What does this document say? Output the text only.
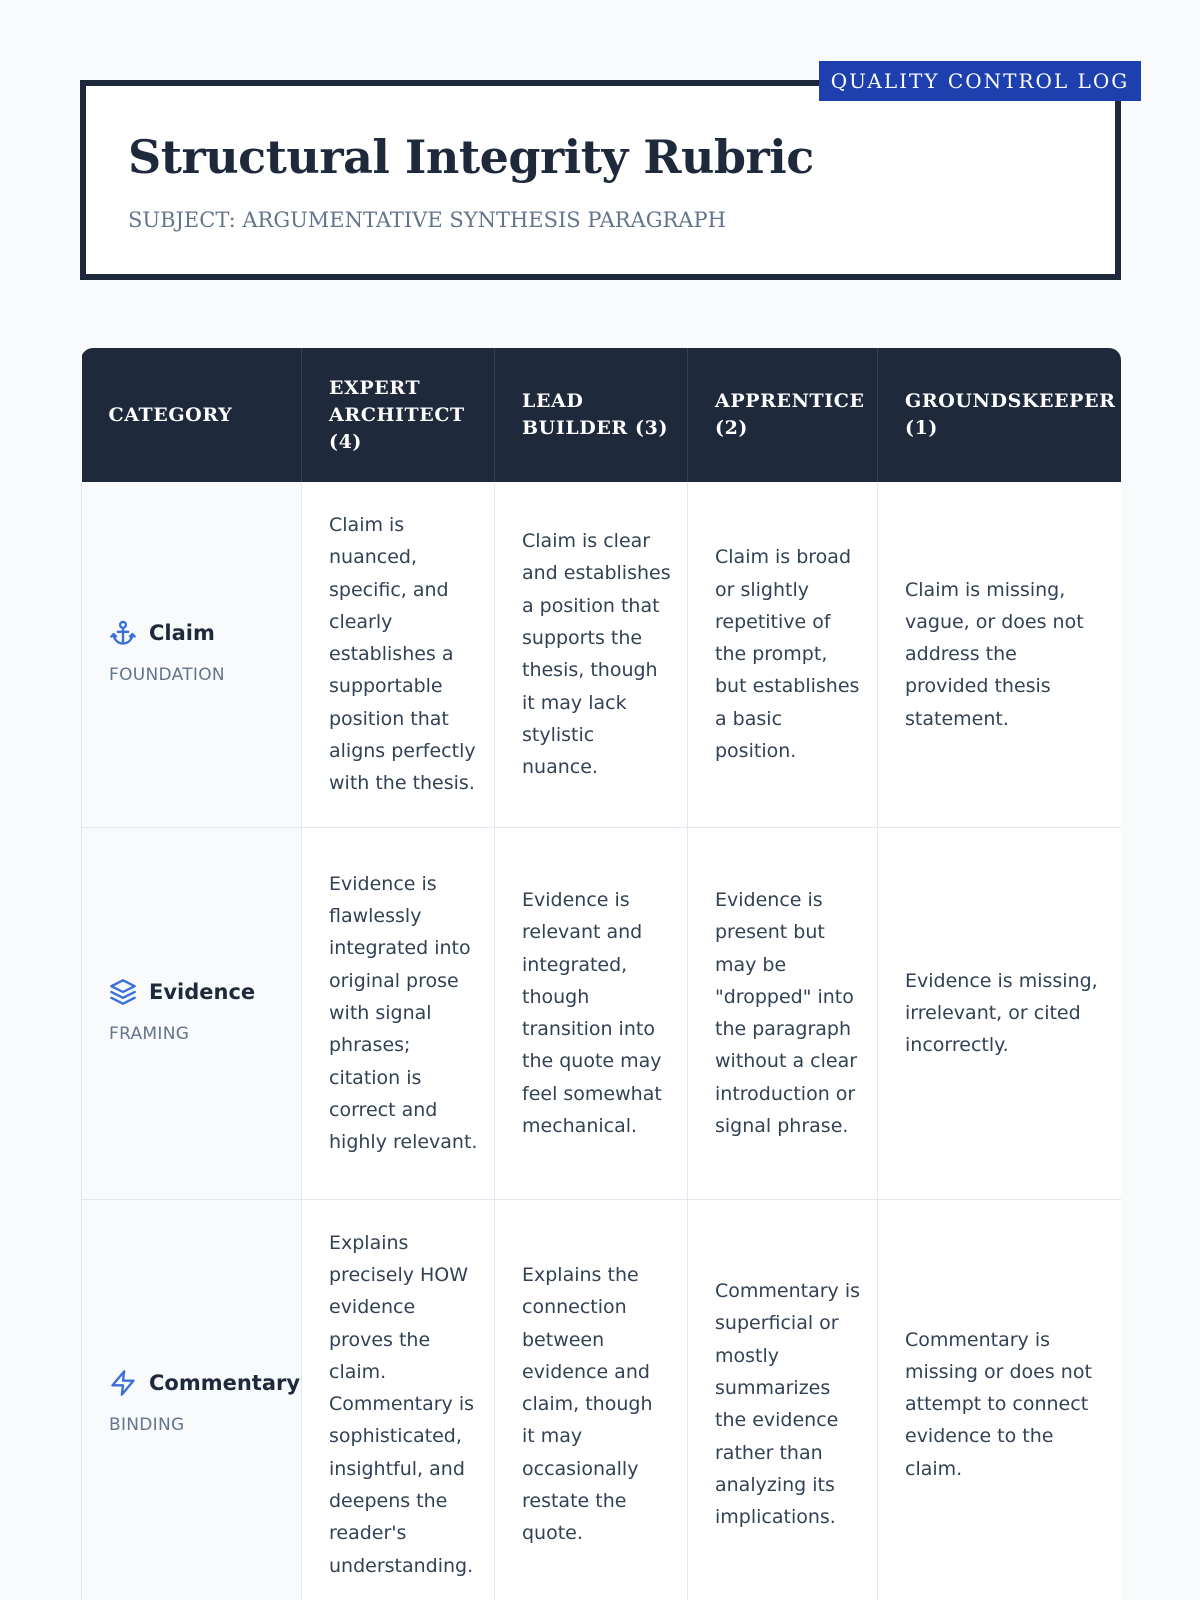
QUALITY CONTROL LOG
Structural Integrity Rubric
SUBJECT: ARGUMENTATIVE SYNTHESIS PARAGRAPH
CATEGORY	EXPERT ARCHITECT (4)	LEAD BUILDER (3)	APPRENTICE (2)	GROUNDSKEEPER (1)

Claim
FOUNDATION	Claim is nuanced, specific, and clearly establishes a supportable position that aligns perfectly with the thesis.	Claim is clear and establishes a position that supports the thesis, though it may lack stylistic nuance.	Claim is broad or slightly repetitive of the prompt, but establishes a basic position.	Claim is missing, vague, or does not address the provided thesis statement.

Evidence
FRAMING	Evidence is flawlessly integrated into original prose with signal phrases; citation is correct and highly relevant.	Evidence is relevant and integrated, though transition into the quote may feel somewhat mechanical.	Evidence is present but may be "dropped" into the paragraph without a clear introduction or signal phrase.	Evidence is missing, irrelevant, or cited incorrectly.

Commentary
BINDING	Explains precisely HOW evidence proves the claim. Commentary is sophisticated, insightful, and deepens the reader's understanding.	Explains the connection between evidence and claim, though it may occasionally restate the quote.	Commentary is superficial or mostly summarizes the evidence rather than analyzing its implications.	Commentary is missing or does not attempt to connect evidence to the claim.
